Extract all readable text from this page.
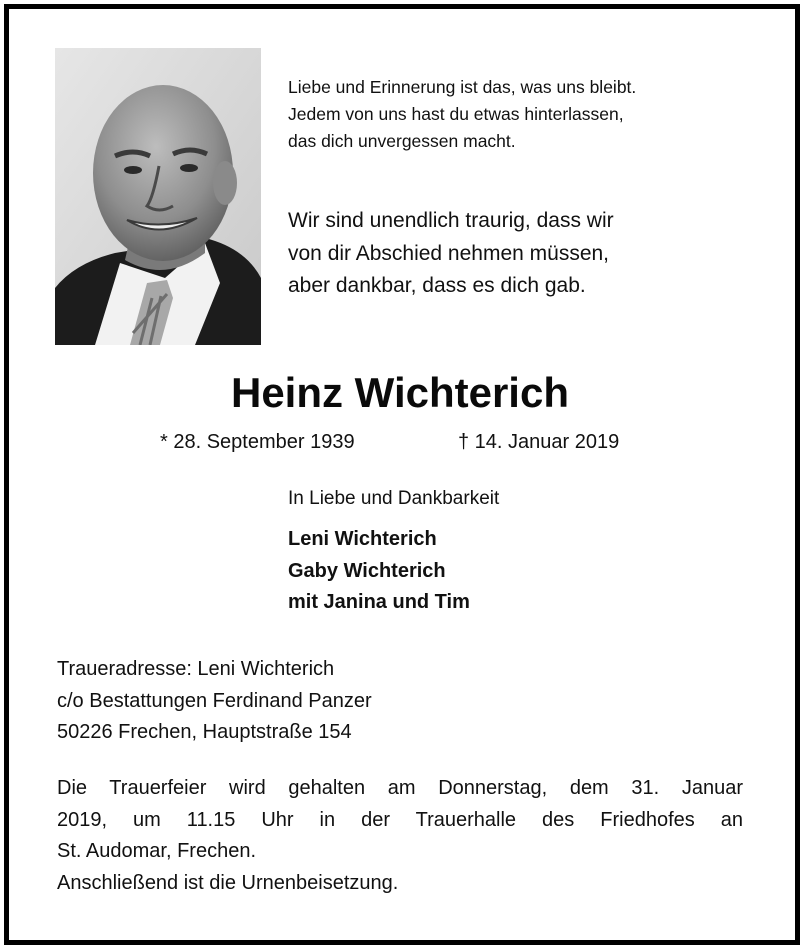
Liebe und Erinnerung ist das, was uns bleibt.
Jedem von uns hast du etwas hinterlassen,
das dich unvergessen macht.
Wir sind unendlich traurig, dass wir
von dir Abschied nehmen müssen,
aber dankbar, dass es dich gab.
Heinz Wichterich
* 28. September 1939	† 14. Januar 2019
In Liebe und Dankbarkeit
Leni Wichterich
Gaby Wichterich
mit Janina und Tim
Traueradresse: Leni Wichterich
c/o Bestattungen Ferdinand Panzer
50226 Frechen, Hauptstraße 154
Die Trauerfeier wird gehalten am Donnerstag, dem 31. Januar
2019, um 11.15 Uhr in der Trauerhalle des Friedhofes an
St. Audomar, Frechen.
Anschließend ist die Urnenbeisetzung.
